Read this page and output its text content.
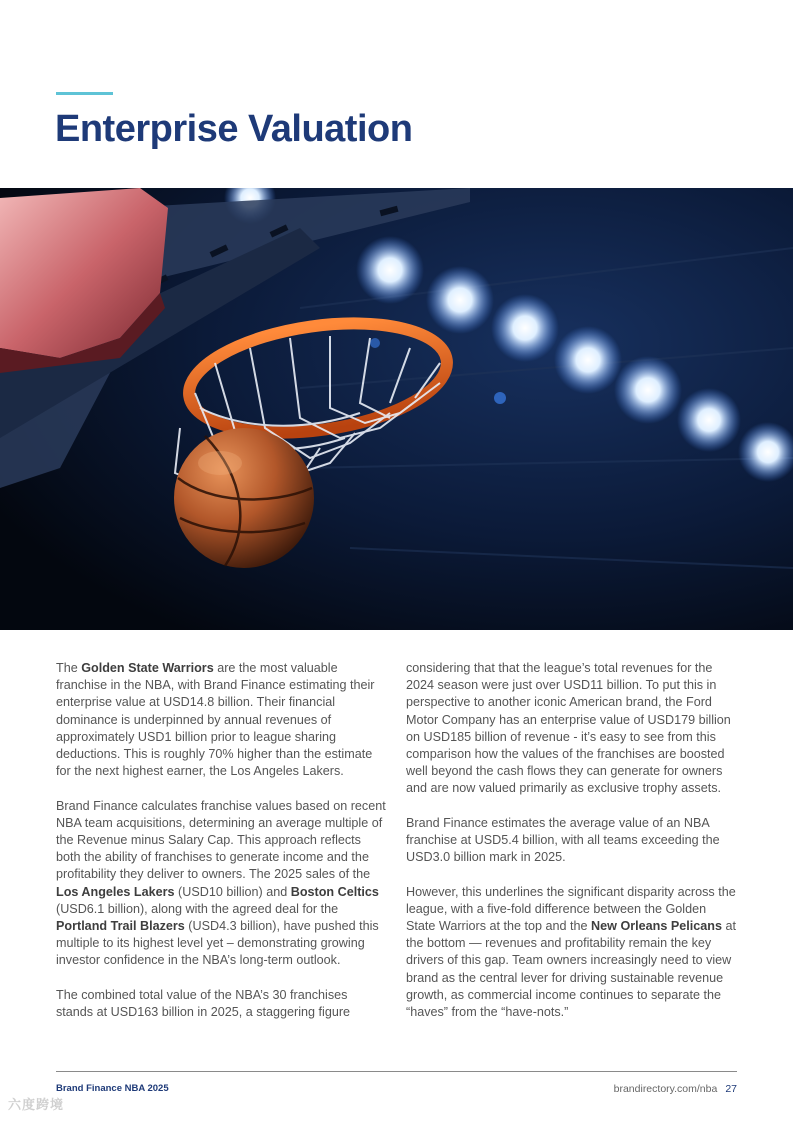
Enterprise Valuation

The Golden State Warriors are the most valuable franchise in the NBA, with Brand Finance estimating their enterprise value at USD14.8 billion. Their financial dominance is underpinned by annual revenues of approximately USD1 billion prior to league sharing deductions. This is roughly 70% higher than the estimate for the next highest earner, the Los Angeles Lakers.

Brand Finance calculates franchise values based on recent NBA team acquisitions, determining an average multiple of the Revenue minus Salary Cap. This approach reflects both the ability of franchises to generate income and the profitability they deliver to owners. The 2025 sales of the Los Angeles Lakers (USD10 billion) and Boston Celtics (USD6.1 billion), along with the agreed deal for the Portland Trail Blazers (USD4.3 billion), have pushed this multiple to its highest level yet – demonstrating growing investor confidence in the NBA’s long-term outlook.

The combined total value of the NBA’s 30 franchises stands at USD163 billion in 2025, a staggering figure

considering that that the league’s total revenues for the 2024 season were just over USD11 billion. To put this in perspective to another iconic American brand, the Ford Motor Company has an enterprise value of USD179 billion on USD185 billion of revenue - it’s easy to see from this comparison how the values of the franchises are boosted well beyond the cash flows they can generate for owners and are now valued primarily as exclusive trophy assets.

Brand Finance estimates the average value of an NBA franchise at USD5.4 billion, with all teams exceeding the USD3.0 billion mark in 2025.

However, this underlines the significant disparity across the league, with a five-fold difference between the Golden State Warriors at the top and the New Orleans Pelicans at the bottom — revenues and profitability remain the key drivers of this gap. Team owners increasingly need to view brand as the central lever for driving sustainable revenue growth, as commercial income continues to separate the “haves” from the “have-nots.”

Brand Finance NBA 2025	brandirectory.com/nba 27
六度跨境
